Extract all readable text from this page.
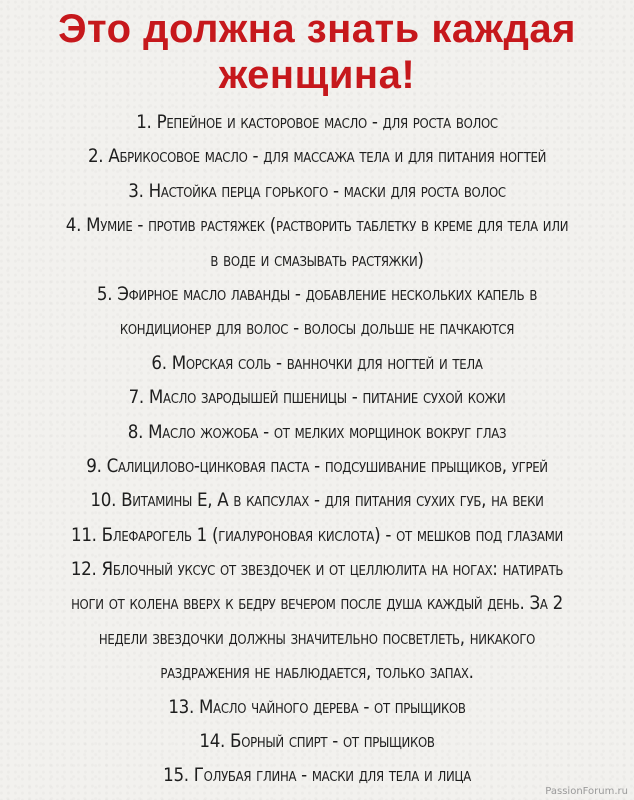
Это должна знать каждая
женщина!
1. Репейное и касторовое масло - для роста волос
2. Абрикосовое масло - для массажа тела и для питания ногтей
3. Настойка перца горького - маски для роста волос
4. Мумие - против растяжек (растворить таблетку в креме для тела или
в воде и смазывать растяжки)
5. Эфирное масло лаванды - добавление нескольких капель в
кондиционер для волос - волосы дольше не пачкаются
6. Морская соль - ванночки для ногтей и тела
7. Масло зародышей пшеницы - питание сухой кожи
8. Масло жожоба - от мелких морщинок вокруг глаз
9. Салицилово-цинковая паста - подсушивание прыщиков, угрей
10. Витамины Е, А в капсулах - для питания сухих губ, на веки
11. Блефарогель 1 (гиалуроновая кислота) - от мешков под глазами
12. Яблочный уксус от звездочек и от целлюлита на ногах: натирать
ноги от колена вверх к бедру вечером после душа каждый день. За 2
недели звездочки должны значительно посветлеть, никакого
раздражения не наблюдается, только запах.
13. Масло чайного дерева - от прыщиков
14. Борный спирт - от прыщиков
15. Голубая глина - маски для тела и лица
PassionForum.ru
